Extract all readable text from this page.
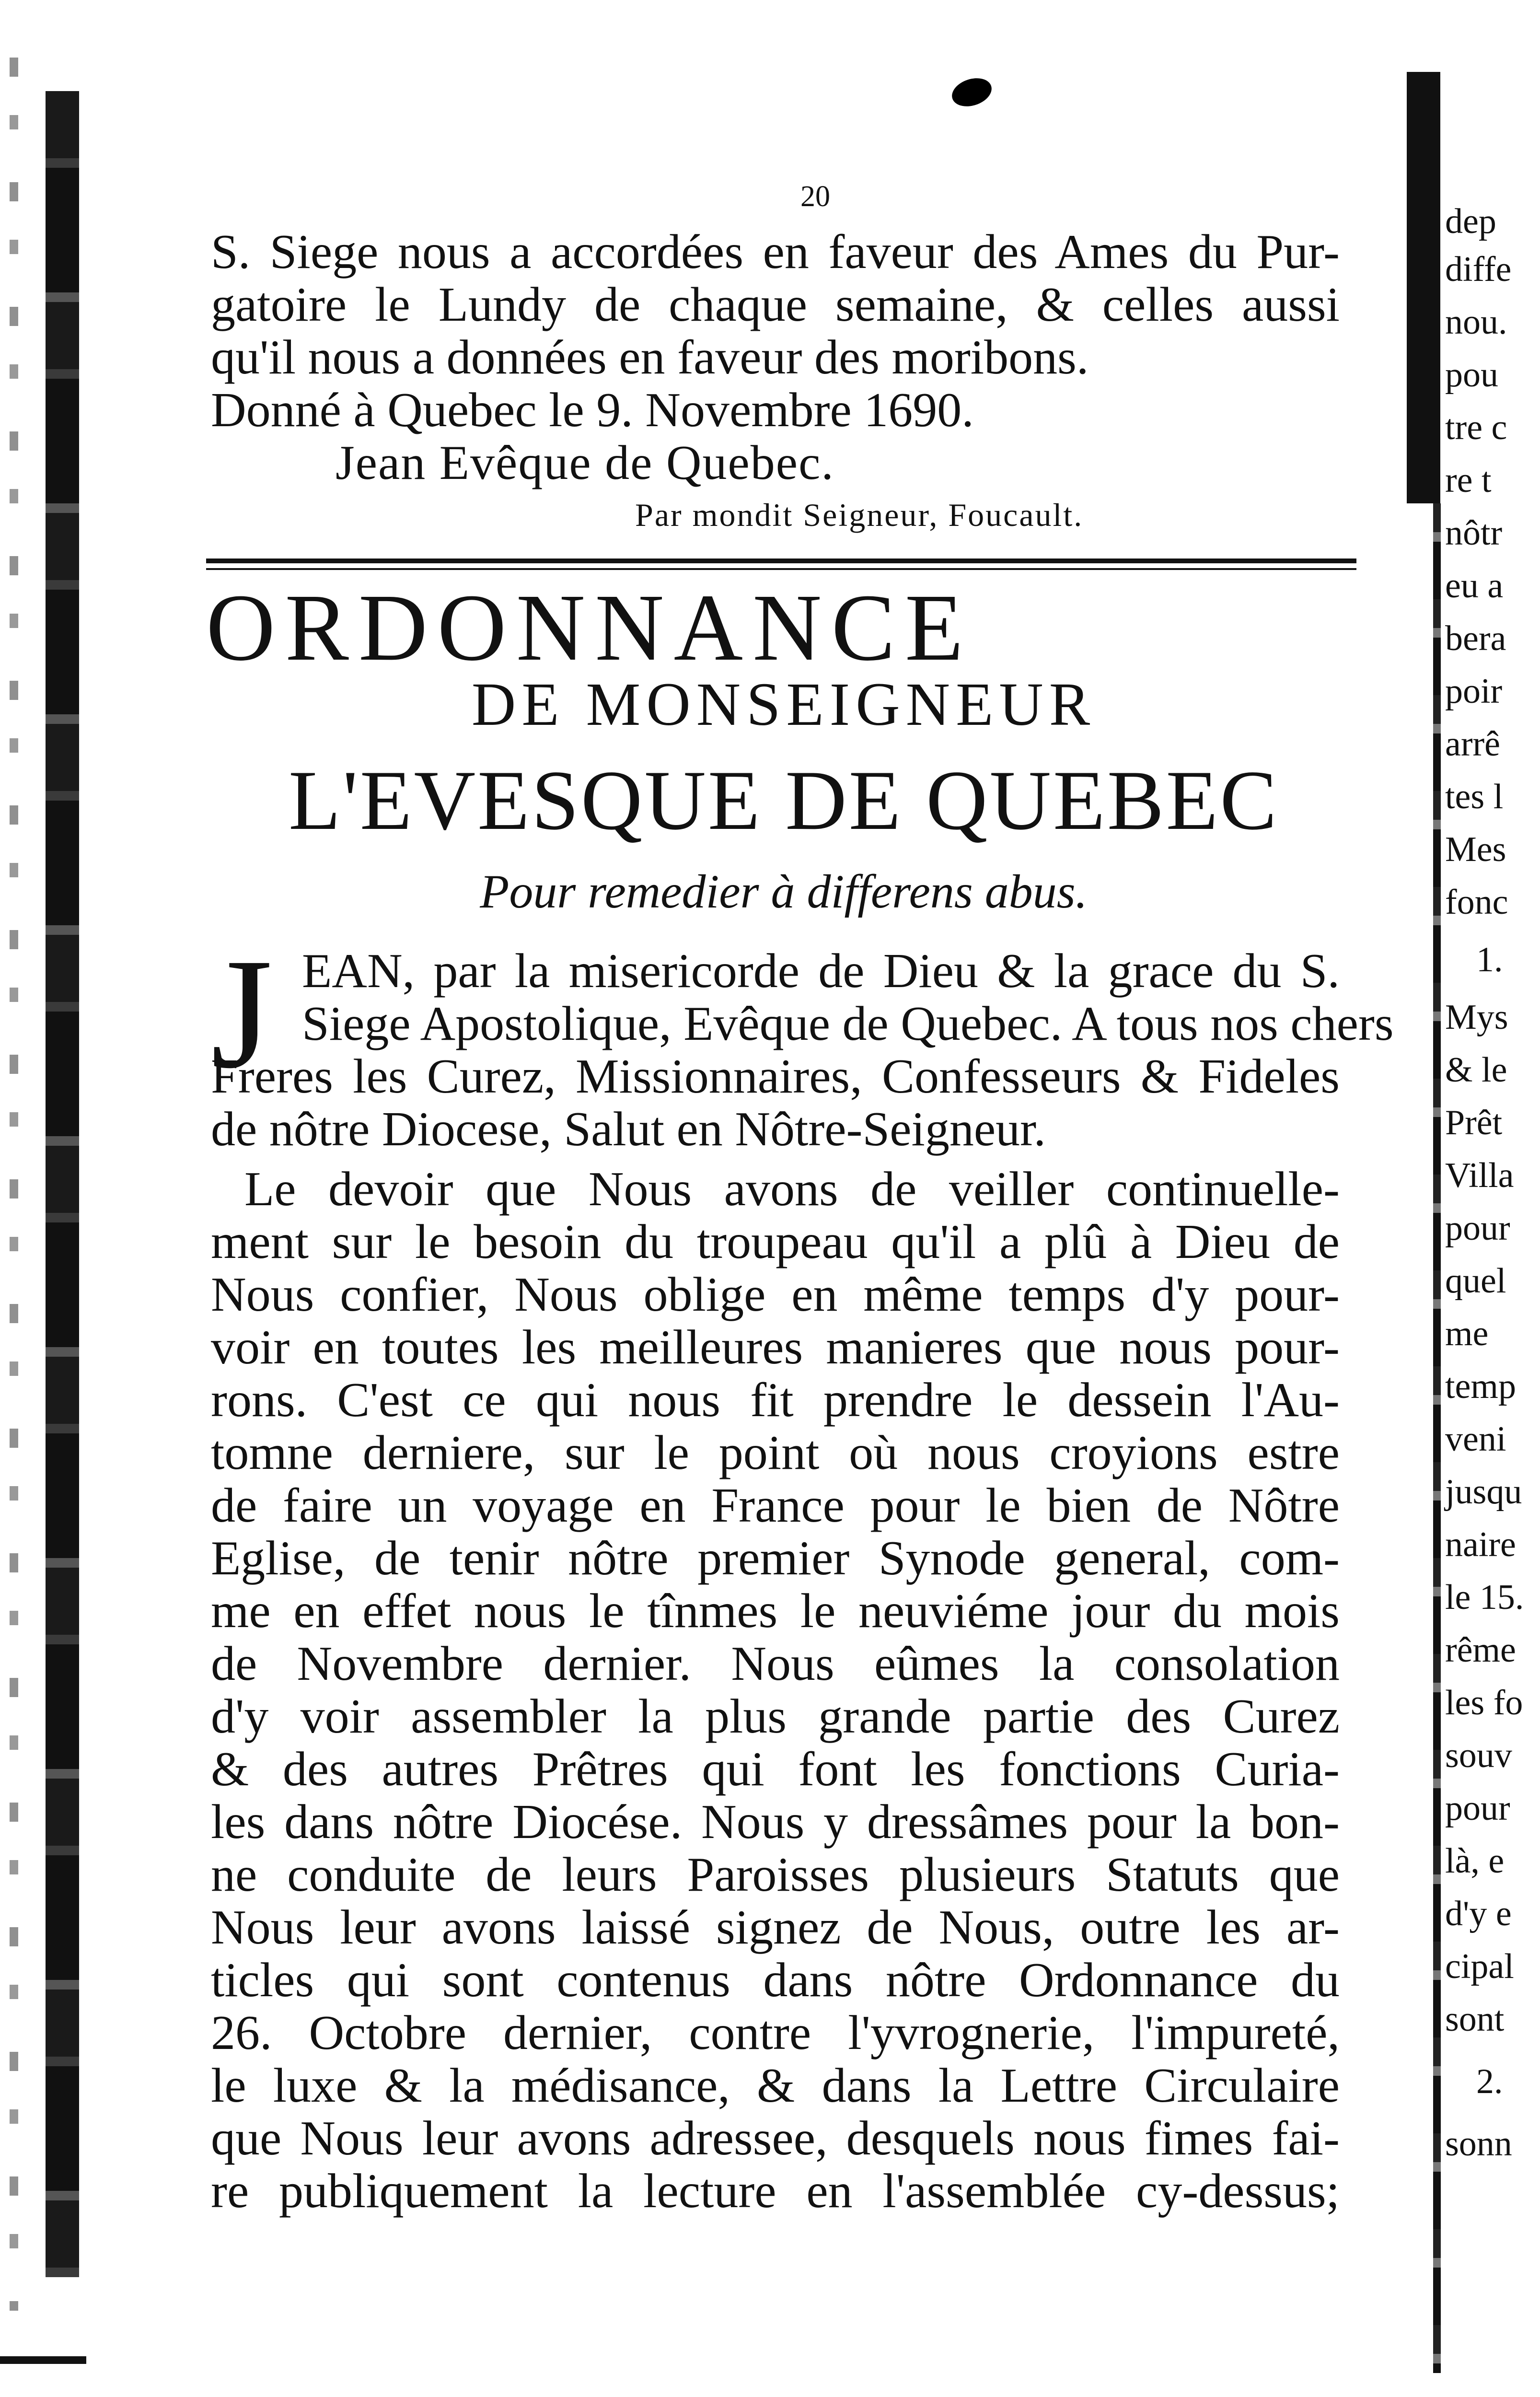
20
S. Siege nous a accordées en faveur des Ames du Pur-
gatoire le Lundy de chaque semaine, & celles aussi
qu'il nous a données en faveur des moribons.
Donné à Quebec le 9. Novembre 1690.
Jean Evêque de Quebec.
Par mondit Seigneur, Foucault.
ORDONNANCE
DE MONSEIGNEUR
L'EVESQUE DE QUEBEC
Pour remedier à differens abus.
J EAN, par la misericorde de Dieu & la grace du S.
Siege Apostolique, Evêque de Quebec. A tous nos chers
Freres les Curez, Missionnaires, Confesseurs & Fideles
de nôtre Diocese, Salut en Nôtre-Seigneur.
Le devoir que Nous avons de veiller continuelle-
ment sur le besoin du troupeau qu'il a plû à Dieu de
Nous confier, Nous oblige en même temps d'y pour-
voir en toutes les meilleures manieres que nous pour-
rons. C'est ce qui nous fit prendre le dessein l'Au-
tomne derniere, sur le point où nous croyions estre
de faire un voyage en France pour le bien de Nôtre
Eglise, de tenir nôtre premier Synode general, com-
me en effet nous le tînmes le neuviéme jour du mois
de Novembre dernier. Nous eûmes la consolation
d'y voir assembler la plus grande partie des Curez
& des autres Prêtres qui font les fonctions Curia-
les dans nôtre Diocése. Nous y dressâmes pour la bon-
ne conduite de leurs Paroisses plusieurs Statuts que
Nous leur avons laissé signez de Nous, outre les ar-
ticles qui sont contenus dans nôtre Ordonnance du
26. Octobre dernier, contre l'yvrognerie, l'impureté,
le luxe & la médisance, & dans la Lettre Circulaire
que Nous leur avons adressee, desquels nous fimes fai-
re publiquement la lecture en l'assemblée cy-dessus;
dep
diffe
nou.
pou
tre c
re t
nôtr
eu a
bera
poir
arrê
tes l
Mes
fonc
1.
Mys
& le
Prêt
Villa
pour
quel
me
temp
veni
jusqu
naire
le 15.
rême
les fo
souv
pour
là, e
d'y e
cipal
sont
2.
sonn
